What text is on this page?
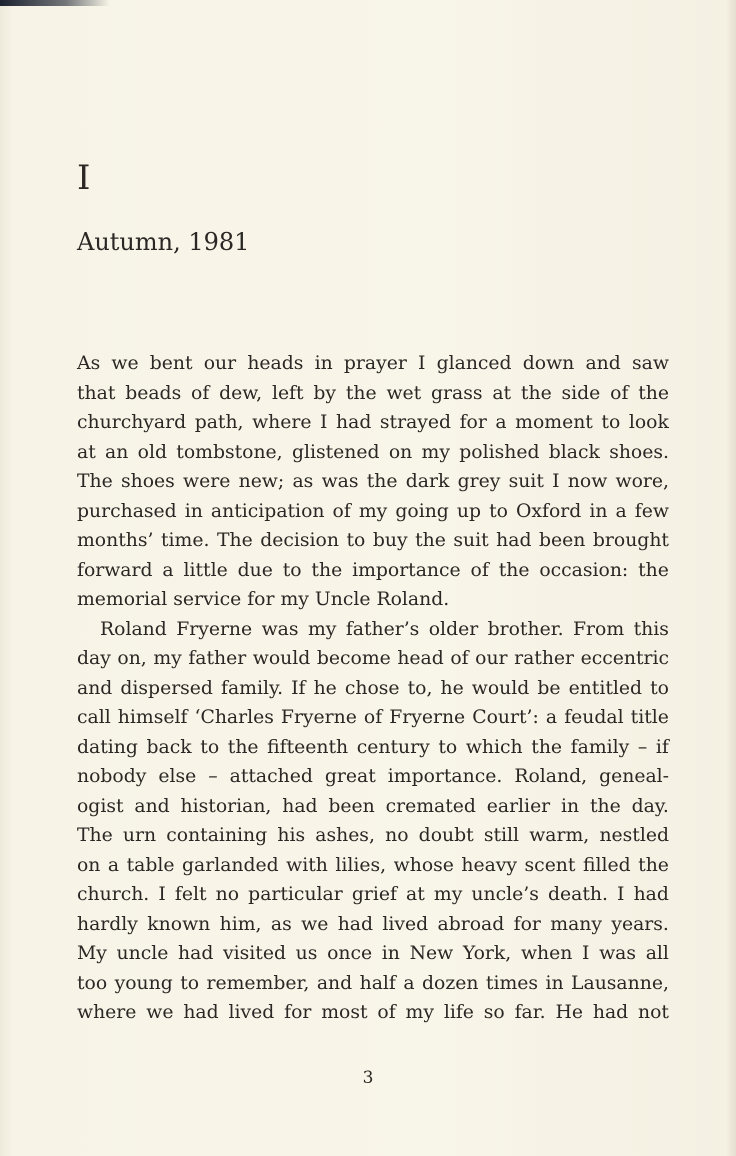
I
Autumn, 1981
As we bent our heads in prayer I glanced down and saw
that beads of dew, left by the wet grass at the side of the
churchyard path, where I had strayed for a moment to look
at an old tombstone, glistened on my polished black shoes.
The shoes were new; as was the dark grey suit I now wore,
purchased in anticipation of my going up to Oxford in a few
months’ time. The decision to buy the suit had been brought
forward a little due to the importance of the occasion: the
memorial service for my Uncle Roland.
Roland Fryerne was my father’s older brother. From this
day on, my father would become head of our rather eccentric
and dispersed family. If he chose to, he would be entitled to
call himself ‘Charles Fryerne of Fryerne Court’: a feudal title
dating back to the fifteenth century to which the family – if
nobody else – attached great importance. Roland, geneal-
ogist and historian, had been cremated earlier in the day.
The urn containing his ashes, no doubt still warm, nestled
on a table garlanded with lilies, whose heavy scent filled the
church. I felt no particular grief at my uncle’s death. I had
hardly known him, as we had lived abroad for many years.
My uncle had visited us once in New York, when I was all
too young to remember, and half a dozen times in Lausanne,
where we had lived for most of my life so far. He had not
3
